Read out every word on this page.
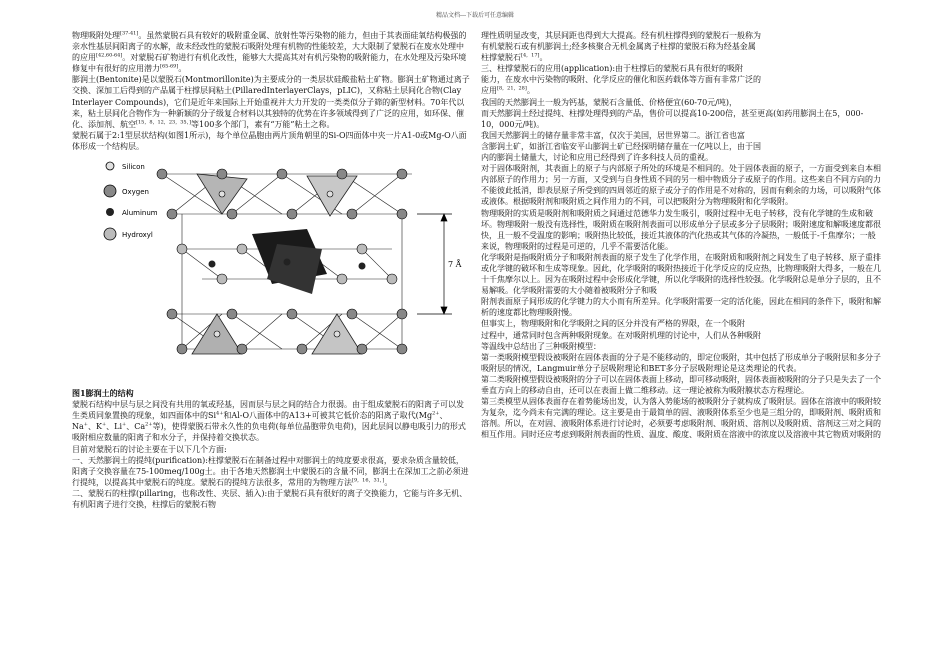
精品文档---下载后可任意编辑

物理吸附处理[37-41]。虽然蒙脱石具有较好的吸附重金属、放射性等污染物的能力，但由于其表面硅氧结构极强的亲水性基层间阳离子的水解，故未经改性的蒙脱石吸附处理有机物的性能较差，大大限制了蒙脱石在废水处理中的应用[42,60-64]。对蒙脱石矿物进行有机化改性，能够大大提高其对有机污染物的吸附能力，在水处理及污染环境修复中有很好的应用潜力[65-69]。

膨润土(Bentonite)是以蒙脱石(Montmorillonite)为主要成分的一类层状硅酸盐粘土矿物。膨润土矿物通过离子交换、深加工后得到的产品属于柱撑层间粘土(PillaredInterlayerClays，pLIC)，又称粘土层间化合物(Clay Interlayer Compounds)，它们是近年来国际上开始重视并大力开发的一类类似分子筛的新型材料。70年代以来，粘土层间化合物作为一种新颖的分子级复合材料以其独特的优势在许多领域得到了广泛的应用，如环保、催化、添加剂、航空[15，8，12，23，35，]等100多个部门，素有“万能”粘土之称。

蒙脱石属于2:1型层状结构(如图1所示)，每个单位晶胞由两片顶角朝里的Si-O四面体中夹一片A1-0或Mg-O八面体形成一个结构层。

Silicon
Oxygen
Aluminum
Hydroxyl
7 Å

图1膨润土的结构

蒙脱石结构中层与层之间没有共用的氧或羟基，因而层与层之间的结合力很弱。由于组成蒙脱石的阳离子可以发生类质同象置换的现象，如四面体中的$Si^{4+}$和Al-O八面体中的A13+可被其它低价态的阳离子取代($Mg^{2+}$、Na+、K+、Li+、$Ca^{2+}$等)，使得蒙脱石带永久性的负电荷(每单位晶胞带负电荷)，因此层间以静电吸引力的形式吸附相应数量的阳离子和水分子，并保持着交换状态。

目前对蒙脱石的讨论主要在于以下几个方面:

一、天然膨润土的提纯(purification):柱撑蒙脱石在制备过程中对膨润土的纯度要求很高，要求杂质含量较低，阳离子交换容量在75-100meq/100g土。由于各地天然膨润土中蒙脱石的含量不同，膨润土在深加工之前必须进行提纯，以提高其中蒙脱石的纯度。蒙脱石的提纯方法很多，常用的为物理方法[9，16，31，]。

二、蒙脱石的柱撑(pillaring，也称改性、夹层、插入):由于蒙脱石具有很好的离子交换能力，它能与许多无机、有机阳离子进行交换，柱撑后的蒙脱石物

理性质明显改变，其层间距也得到大大提高。经有机柱撑得到的蒙脱石一般称为

有机蒙脱石或有机膨润土;经多核聚合无机金属离子柱撑的蒙脱石称为经基金属

柱撑蒙脱石[4，17]。

三、柱撑蒙脱石的应用(application):由于柱撑后的蒙脱石具有很好的吸附

能力，在废水中污染物的吸附、化学反应的催化和医药载体等方面有非常广泛的

应用[8，21，28]。

我国的天然膨润土一般为钙基，蒙脱石含量低、价格便宜(60-70元/吨)，

而天然膨润土经过提纯、柱撑处理得到的产品，售价可以提高10-200倍，甚至更高(如药用膨润土在5，000-10，000元/吨)。

我国天然膨润土的储存量非常丰富，仅次于美国，居世界第二。浙江省也富

含膨润土矿，如浙江省临安平山膨润土矿已经探明储存量在一亿吨以上，由于国

内的膨润土储量大，讨论和应用已经得到了许多科技人员的重视。

对于固体吸附剂，其表面上的原子与内部原子所处的环境是不相同的。处于固体表面的原子，一方面受到来自本相内部原子的作用力；另一方面，又受到与自身性质不同的另一相中物质分子或原子的作用。这些来自不同方向的力不能彼此抵消，即表层原子所受到的四周邻近的原子或分子的作用是不对称的，因而有剩余的力场，可以吸附气体或液体。根据吸附剂和吸附质之间作用力的不同，可以把吸附分为物理吸附和化学吸附。

物理吸附的实质是吸附剂和吸附质之间通过范德华力发生吸引，吸附过程中无电子转移，没有化学键的生成和破坏。物理吸附一般没有选择性，吸附质在吸附剂表面可以形成单分子层或多分子层吸附；吸附速度和解吸速度都很快，且一般不受温度的影响；吸附热比较低，接近其液体的汽化热或其气体的冷凝热，一般低于-千焦摩尔；一般来说，物理吸附的过程是可逆的，几乎不需要活化能。

化学吸附是指吸附质分子和吸附剂表面的原子发生了化学作用，在吸附质和吸附剂之间发生了电子转移、原子重排或化学键的破坏和生成等现象。因此，化学吸附的吸附热接近于化学反应的反应热，比物理吸附大得多，一般在几十千焦摩尔以上。因为在吸附过程中会形成化学键，所以化学吸附的选择性较强。化学吸附总是单分子层的，且不易解吸。化学吸附需要的大小随着被吸附分子和吸

附剂表面原子间形成的化学键力的大小而有所差异。化学吸附需要一定的活化能，因此在相同的条件下，吸附和解析的速度都比物理吸附慢。

但事实上，物理吸附和化学吸附之间的区分并没有严格的界限，在一个吸附

过程中，通常同时包含两种吸附现象。在对吸附机理的讨论中，人们从各种吸附

等温线中总结出了三种吸附模型：

第一类吸附模型假设被吸附在固体表面的分子是不能移动的，即定位吸附，其中包括了形成单分子吸附层和多分子吸附层的情况，Langmuir单分子层吸附理论和BET多分子层吸附理论是这类理论的代表。

第二类吸附模型假设被吸附的分子可以在固体表面上移动，即可移动吸附，固体表面被吸附的分子只是失去了一个垂直方向上的移动自由，还可以在表面上做二维移动。这一理论被称为吸附膜状态方程理论。

第三类模型从固体表面存在着势能场出发，认为落入势能场的被吸附分子就构成了吸附层。固体在溶液中的吸附较为复杂，迄今尚未有完满的理论。这主要是由于最简单的固、液吸附体系至少也是三组分的，即吸附剂、吸附质和溶剂。所以，在对固、液吸附体系进行讨论时，必须要考虑吸附剂、吸附质、溶剂以及吸附质、溶剂这三对之间的相互作用。同时还应考虑到吸附剂表面的性质、温度、酸度、吸附质在溶液中的浓度以及溶液中其它物质对吸附的
